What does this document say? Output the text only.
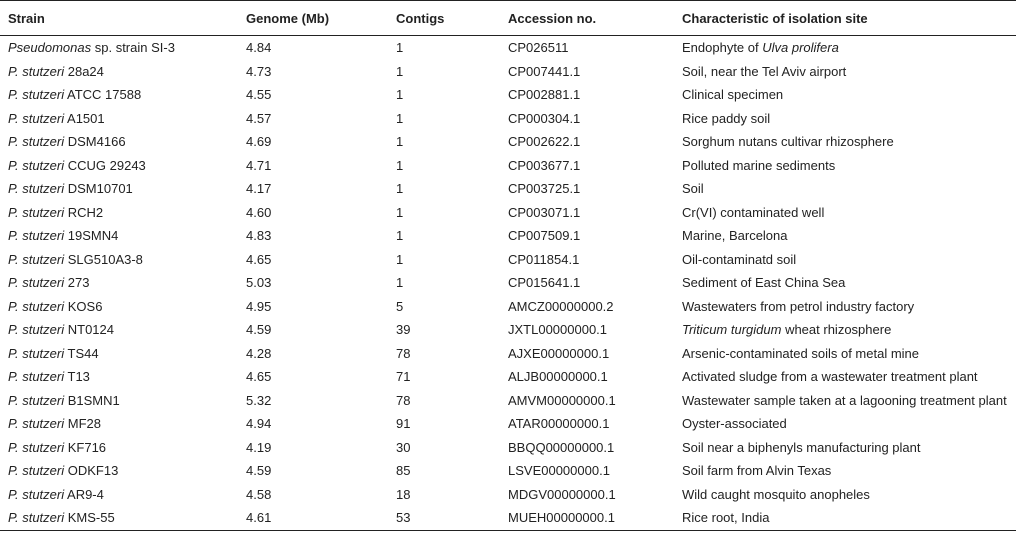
Strain	Genome (Mb)	Contigs	Accession no.	Characteristic of isolation site
Pseudomonas sp. strain SI-3	4.84	1	CP026511	Endophyte of Ulva prolifera
P. stutzeri 28a24	4.73	1	CP007441.1	Soil, near the Tel Aviv airport
P. stutzeri ATCC 17588	4.55	1	CP002881.1	Clinical specimen
P. stutzeri A1501	4.57	1	CP000304.1	Rice paddy soil
P. stutzeri DSM4166	4.69	1	CP002622.1	Sorghum nutans cultivar rhizosphere
P. stutzeri CCUG 29243	4.71	1	CP003677.1	Polluted marine sediments
P. stutzeri DSM10701	4.17	1	CP003725.1	Soil
P. stutzeri RCH2	4.60	1	CP003071.1	Cr(VI) contaminated well
P. stutzeri 19SMN4	4.83	1	CP007509.1	Marine, Barcelona
P. stutzeri SLG510A3-8	4.65	1	CP011854.1	Oil-contaminatd soil
P. stutzeri 273	5.03	1	CP015641.1	Sediment of East China Sea
P. stutzeri KOS6	4.95	5	AMCZ00000000.2	Wastewaters from petrol industry factory
P. stutzeri NT0124	4.59	39	JXTL00000000.1	Triticum turgidum wheat rhizosphere
P. stutzeri TS44	4.28	78	AJXE00000000.1	Arsenic-contaminated soils of metal mine
P. stutzeri T13	4.65	71	ALJB00000000.1	Activated sludge from a wastewater treatment plant
P. stutzeri B1SMN1	5.32	78	AMVM00000000.1	Wastewater sample taken at a lagooning treatment plant
P. stutzeri MF28	4.94	91	ATAR00000000.1	Oyster-associated
P. stutzeri KF716	4.19	30	BBQQ00000000.1	Soil near a biphenyls manufacturing plant
P. stutzeri ODKF13	4.59	85	LSVE00000000.1	Soil farm from Alvin Texas
P. stutzeri AR9-4	4.58	18	MDGV00000000.1	Wild caught mosquito anopheles
P. stutzeri KMS-55	4.61	53	MUEH00000000.1	Rice root, India
